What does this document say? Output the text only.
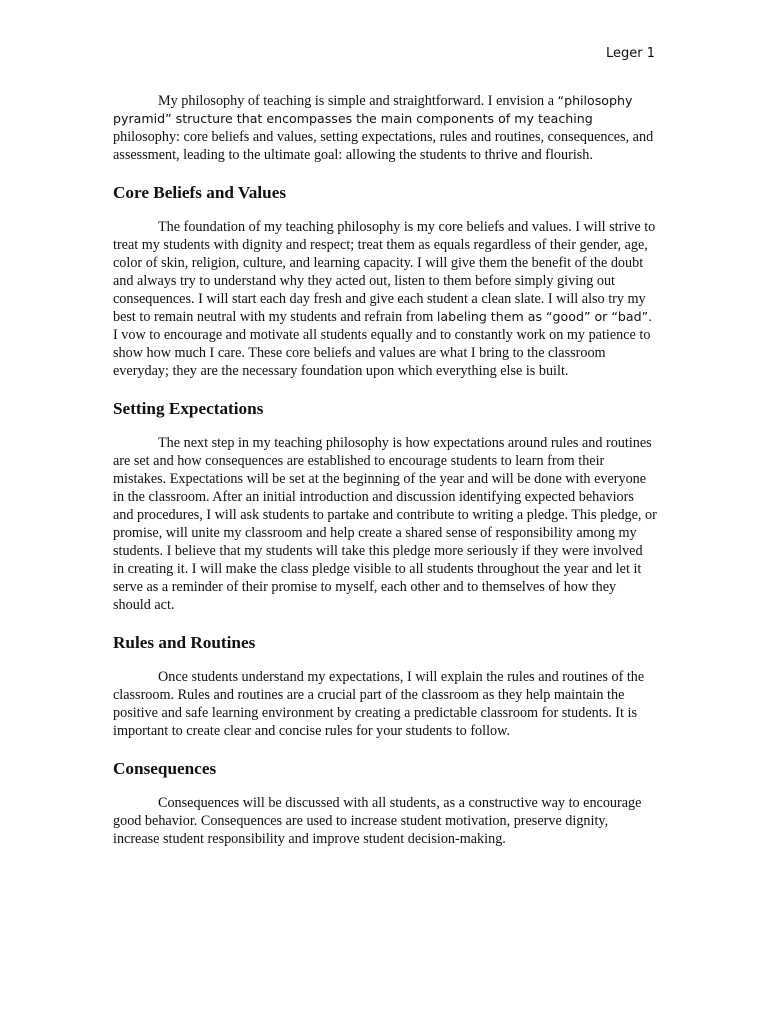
Leger 1

My philosophy of teaching is simple and straightforward. I envision a “philosophy pyramid” structure that encompasses the main components of my teaching philosophy: core beliefs and values, setting expectations, rules and routines, consequences, and assessment, leading to the ultimate goal: allowing the students to thrive and flourish.

Core Beliefs and Values

The foundation of my teaching philosophy is my core beliefs and values. I will strive to treat my students with dignity and respect; treat them as equals regardless of their gender, age, color of skin, religion, culture, and learning capacity. I will give them the benefit of the doubt and always try to understand why they acted out, listen to them before simply giving out consequences. I will start each day fresh and give each student a clean slate. I will also try my best to remain neutral with my students and refrain from labeling them as “good” or “bad”. I vow to encourage and motivate all students equally and to constantly work on my patience to show how much I care. These core beliefs and values are what I bring to the classroom everyday; they are the necessary foundation upon which everything else is built.

Setting Expectations

The next step in my teaching philosophy is how expectations around rules and routines are set and how consequences are established to encourage students to learn from their mistakes. Expectations will be set at the beginning of the year and will be done with everyone in the classroom. After an initial introduction and discussion identifying expected behaviors and procedures, I will ask students to partake and contribute to writing a pledge. This pledge, or promise, will unite my classroom and help create a shared sense of responsibility among my students. I believe that my students will take this pledge more seriously if they were involved in creating it. I will make the class pledge visible to all students throughout the year and let it serve as a reminder of their promise to myself, each other and to themselves of how they should act.

Rules and Routines

Once students understand my expectations, I will explain the rules and routines of the classroom. Rules and routines are a crucial part of the classroom as they help maintain the positive and safe learning environment by creating a predictable classroom for students. It is important to create clear and concise rules for your students to follow.

Consequences

Consequences will be discussed with all students, as a constructive way to encourage good behavior. Consequences are used to increase student motivation, preserve dignity, increase student responsibility and improve student decision-making.
